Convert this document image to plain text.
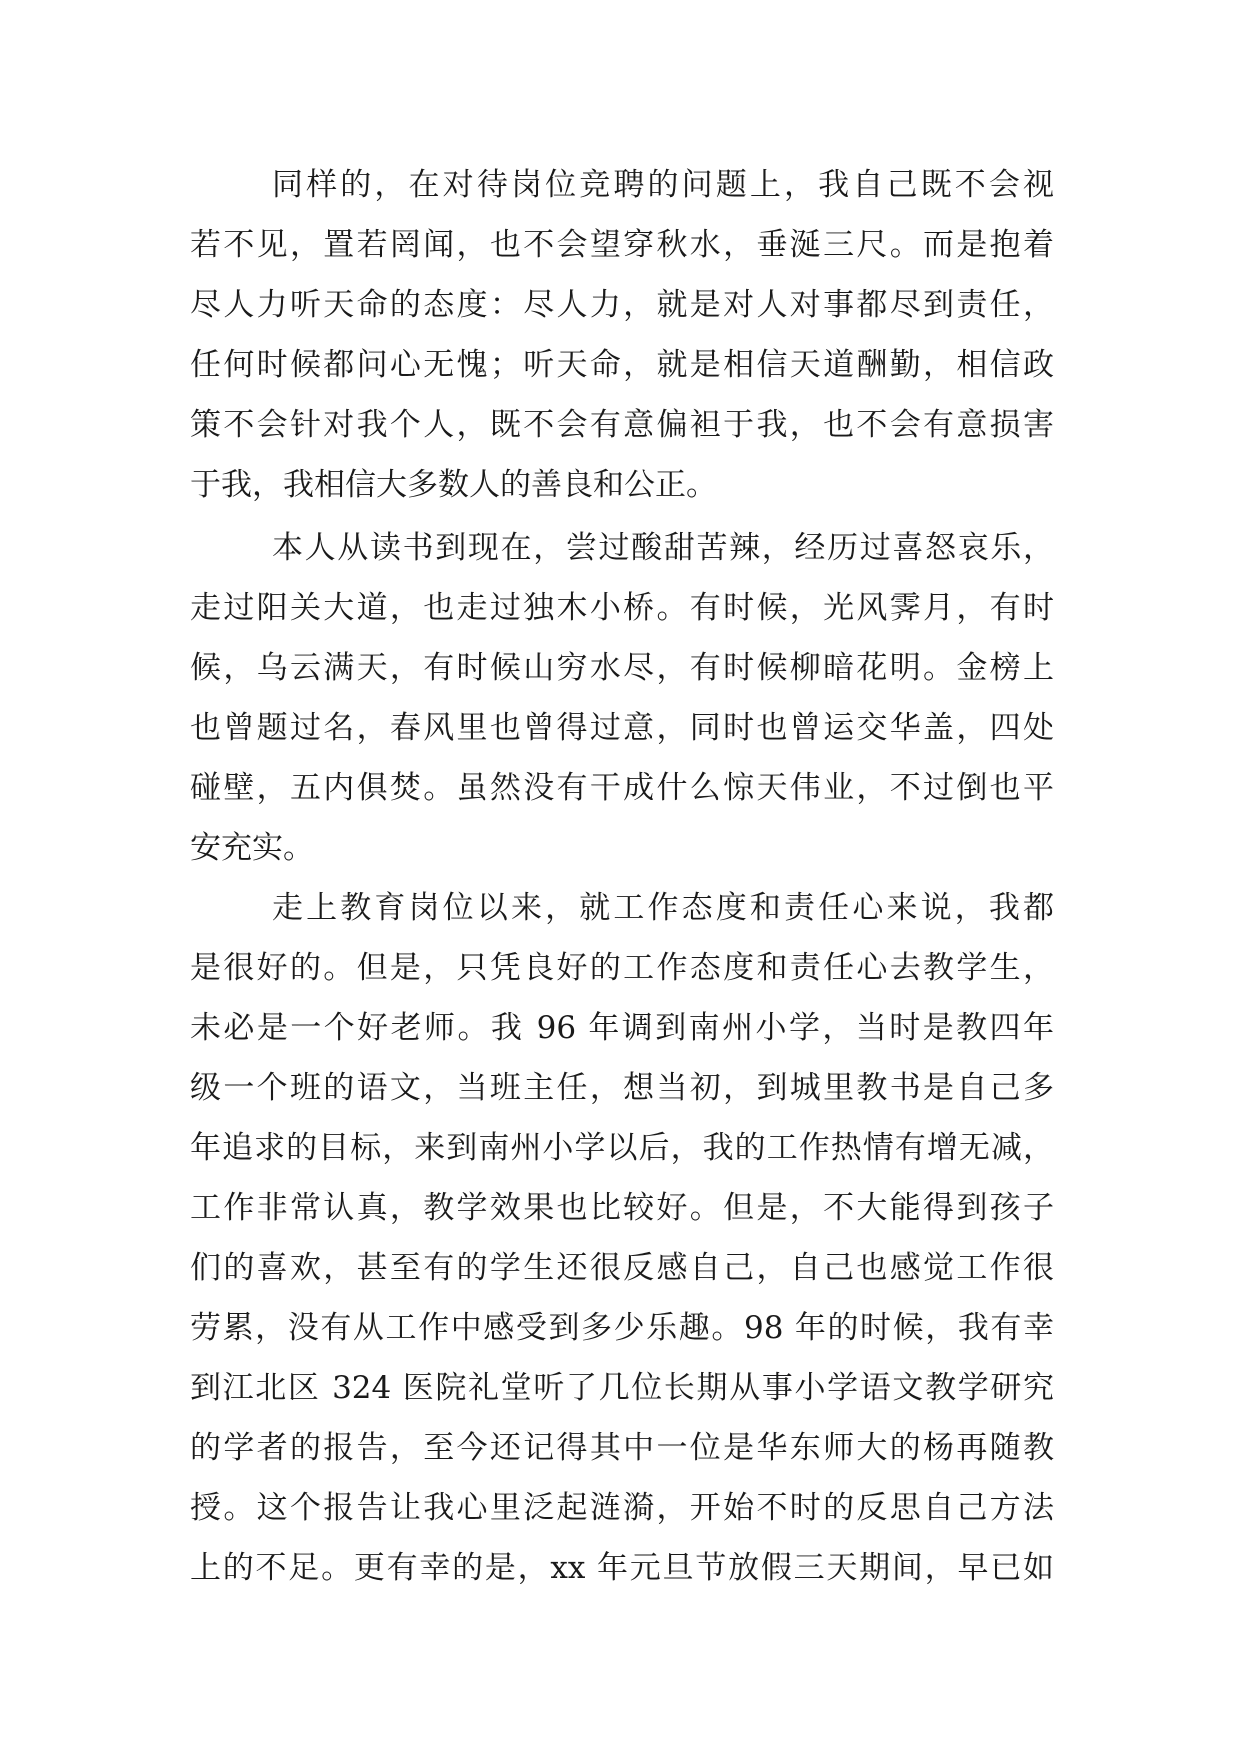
同样的，在对待岗位竞聘的问题上，我自己既不会视
若不见，置若罔闻，也不会望穿秋水，垂涎三尺。而是抱着
尽人力听天命的态度：尽人力，就是对人对事都尽到责任，
任何时候都问心无愧；听天命，就是相信天道酬勤，相信政
策不会针对我个人，既不会有意偏袒于我，也不会有意损害
于我，我相信大多数人的善良和公正。
本人从读书到现在，尝过酸甜苦辣，经历过喜怒哀乐，
走过阳关大道，也走过独木小桥。有时候，光风霁月，有时
候，乌云满天，有时候山穷水尽，有时候柳暗花明。金榜上
也曾题过名，春风里也曾得过意，同时也曾运交华盖，四处
碰壁，五内俱焚。虽然没有干成什么惊天伟业，不过倒也平
安充实。
走上教育岗位以来，就工作态度和责任心来说，我都
是很好的。但是，只凭良好的工作态度和责任心去教学生，
未必是一个好老师。我 96 年调到南州小学，当时是教四年
级一个班的语文，当班主任，想当初，到城里教书是自己多
年追求的目标，来到南州小学以后，我的工作热情有增无减，
工作非常认真，教学效果也比较好。但是，不大能得到孩子
们的喜欢，甚至有的学生还很反感自己，自己也感觉工作很
劳累，没有从工作中感受到多少乐趣。98 年的时候，我有幸
到江北区 324 医院礼堂听了几位长期从事小学语文教学研究
的学者的报告，至今还记得其中一位是华东师大的杨再随教
授。这个报告让我心里泛起涟漪，开始不时的反思自己方法
上的不足。更有幸的是，xx 年元旦节放假三天期间，早已如
